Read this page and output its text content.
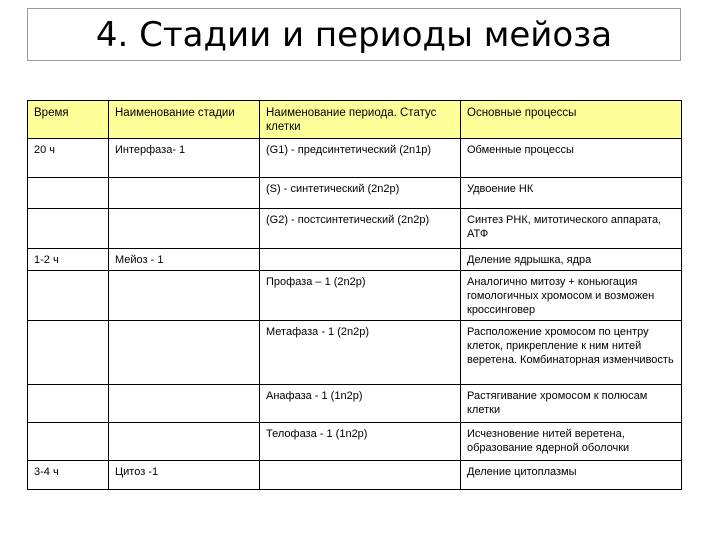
4. Стадии и периоды мейоза
Время	Наименование стадии	Наименование периода. Статус клетки	Основные процессы
20 ч	Интерфаза- 1	(G1) - предсинтетический (2n1p)	Обменные процессы
		(S) - синтетический (2n2p)	Удвоение НК
		(G2) - постсинтетический (2n2p)	Синтез РНК, митотического аппарата, АТФ
1-2 ч	Мейоз - 1		Деление ядрышка, ядра
		Профаза – 1 (2n2p)	Аналогично митозу + коньюгация гомологичных хромосом и возможен кроссинговер
		Метафаза - 1 (2n2p)	Расположение хромосом по центру клеток, прикрепление к ним нитей веретена. Комбинаторная изменчивость
		Анафаза - 1 (1n2p)	Растягивание хромосом к полюсам клетки
		Телофаза - 1 (1n2p)	Исчезновение нитей веретена, образование ядерной оболочки
3-4 ч	Цитоз -1		Деление цитоплазмы
